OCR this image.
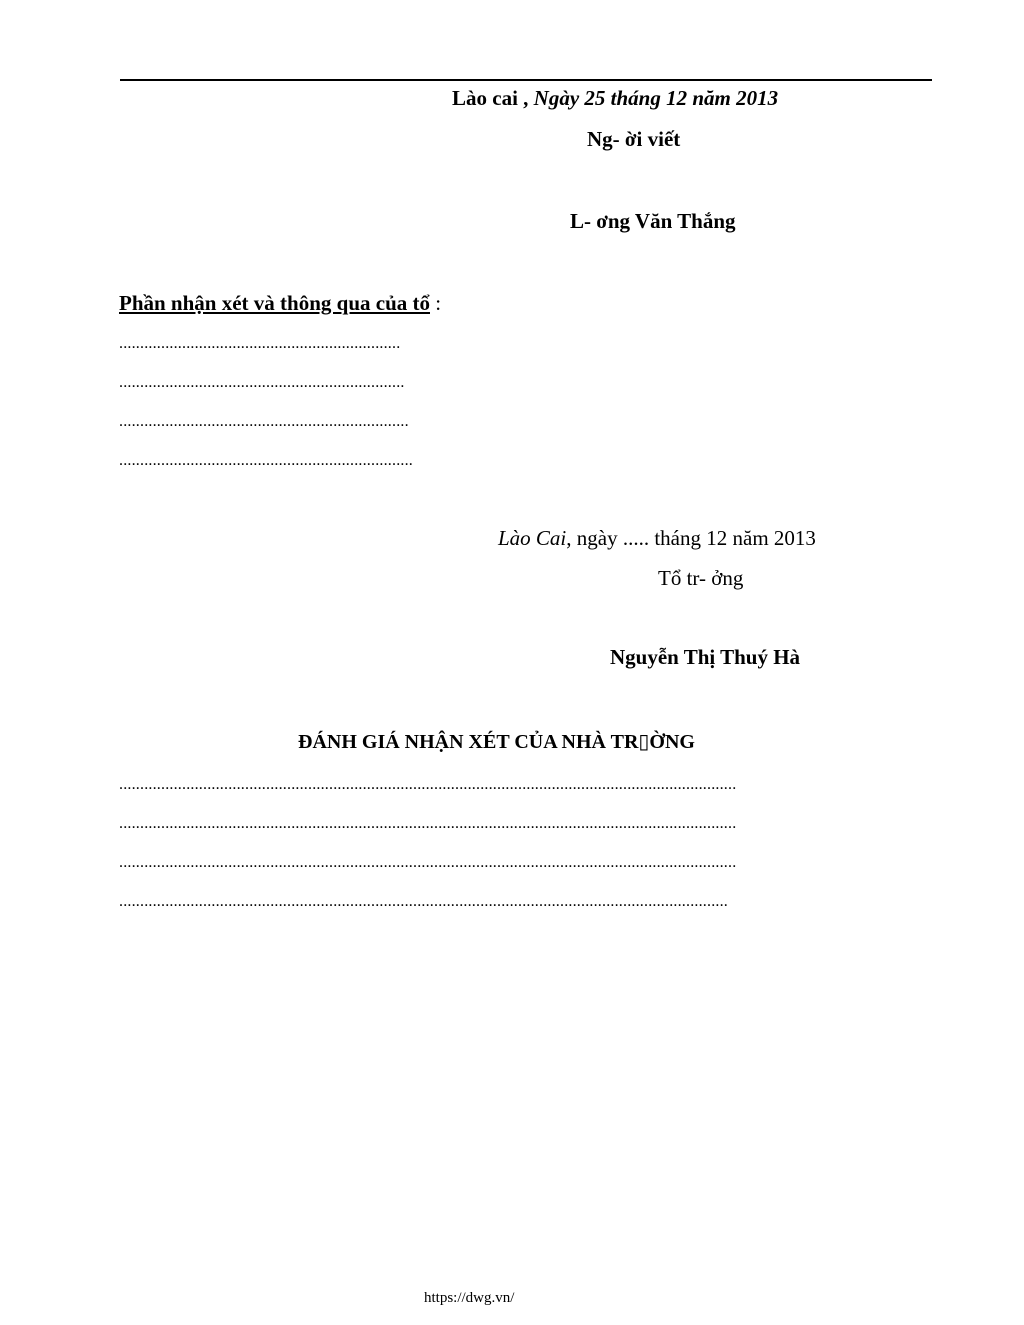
Lào cai , Ngày 25 tháng 12 năm 2013
Ng- ời viết
L- ơng Văn Thắng
Phần nhận xét và thông qua của tổ :
...................................................................
....................................................................
.....................................................................
......................................................................
Lào Cai, ngày ..... tháng 12 năm 2013
Tổ tr- ởng
Nguyễn Thị Thuý Hà
ĐÁNH GIÁ NHẬN XÉT CỦA NHÀ TR▯ỜNG
...................................................................................................................................................
...................................................................................................................................................
...................................................................................................................................................
.................................................................................................................................................
https://dwg.vn/
